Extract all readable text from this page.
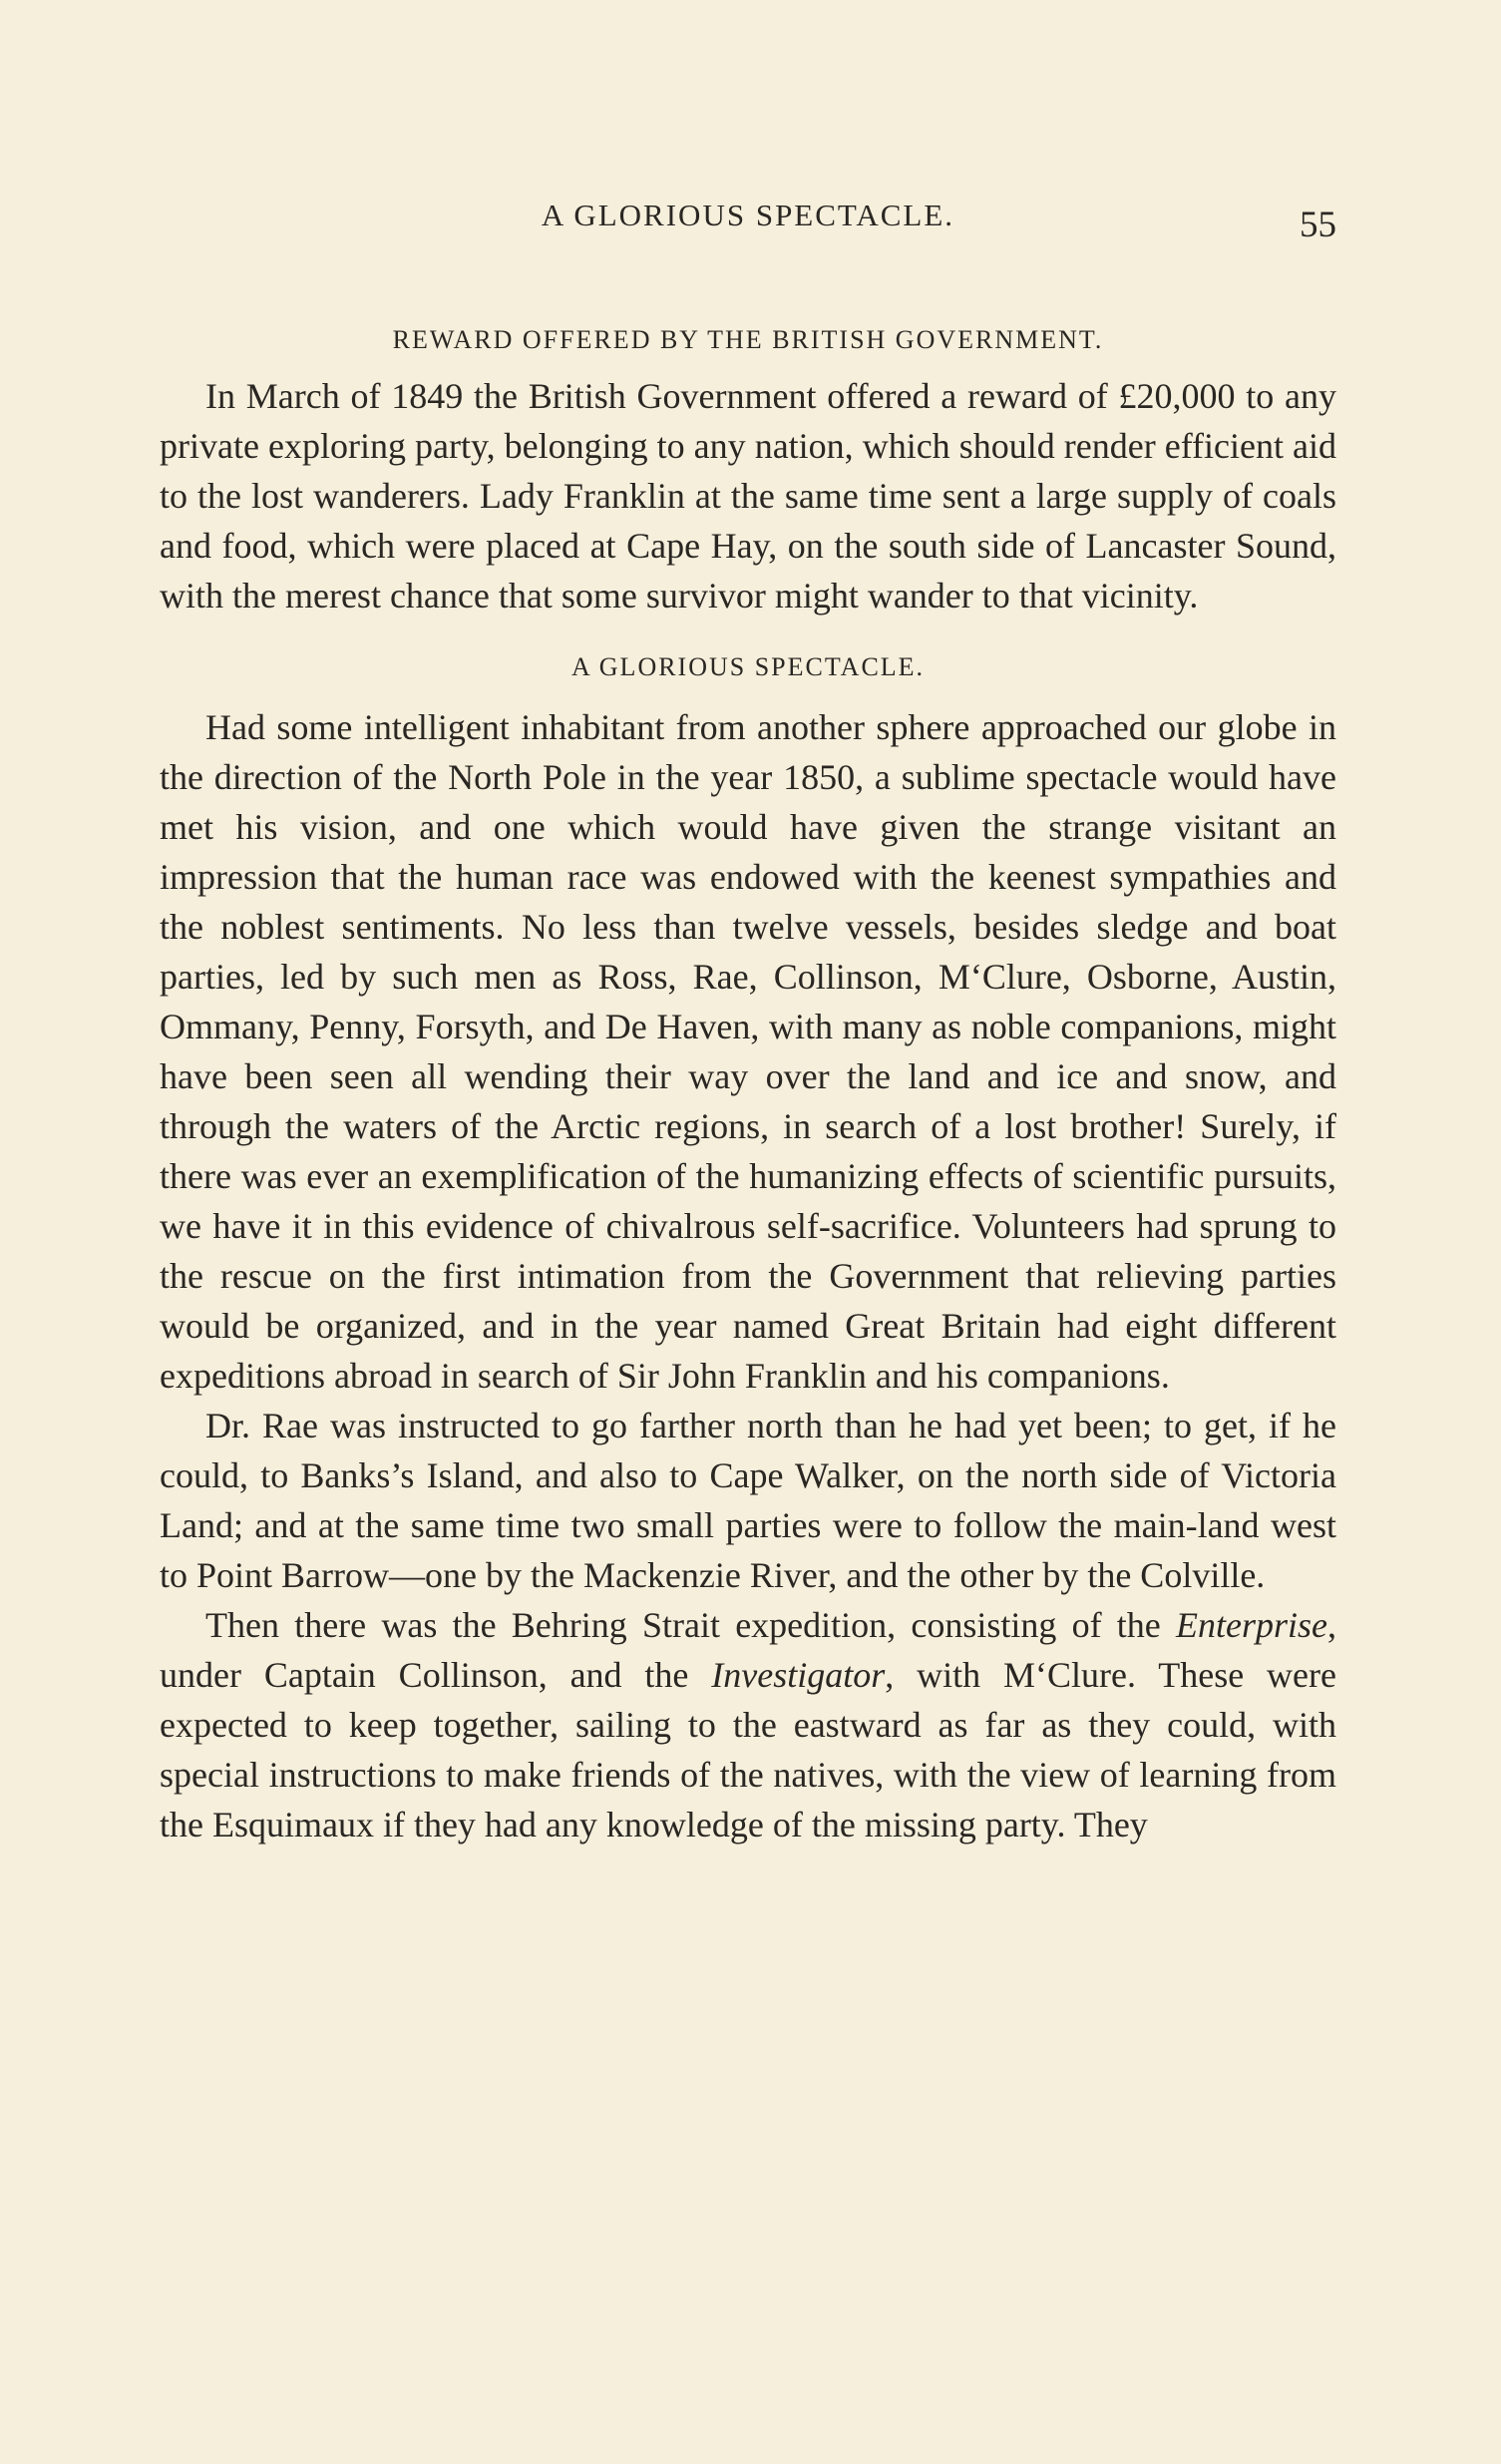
A GLORIOUS SPECTACLE.	55
REWARD OFFERED BY THE BRITISH GOVERNMENT.

In March of 1849 the British Government offered a reward of £20,000 to any private exploring party, belonging to any nation, which should render efficient aid to the lost wanderers. Lady Franklin at the same time sent a large supply of coals and food, which were placed at Cape Hay, on the south side of Lancaster Sound, with the merest chance that some survivor might wander to that vicinity.

A GLORIOUS SPECTACLE.

Had some intelligent inhabitant from another sphere approached our globe in the direction of the North Pole in the year 1850, a sublime spectacle would have met his vision, and one which would have given the strange visitant an impression that the human race was endowed with the keenest sympathies and the noblest sentiments. No less than twelve vessels, besides sledge and boat parties, led by such men as Ross, Rae, Collinson, M‘Clure, Osborne, Austin, Ommany, Penny, Forsyth, and De Haven, with many as noble companions, might have been seen all wending their way over the land and ice and snow, and through the waters of the Arctic regions, in search of a lost brother! Surely, if there was ever an exemplification of the humanizing effects of scientific pursuits, we have it in this evidence of chivalrous self-sacrifice. Volunteers had sprung to the rescue on the first intimation from the Government that relieving parties would be organized, and in the year named Great Britain had eight different expeditions abroad in search of Sir John Franklin and his companions.

Dr. Rae was instructed to go farther north than he had yet been; to get, if he could, to Banks’s Island, and also to Cape Walker, on the north side of Victoria Land; and at the same time two small parties were to follow the main-land west to Point Barrow—one by the Mackenzie River, and the other by the Colville.

Then there was the Behring Strait expedition, consisting of the Enterprise, under Captain Collinson, and the Investigator, with M‘Clure. These were expected to keep together, sailing to the eastward as far as they could, with special instructions to make friends of the natives, with the view of learning from the Esquimaux if they had any knowledge of the missing party. They
